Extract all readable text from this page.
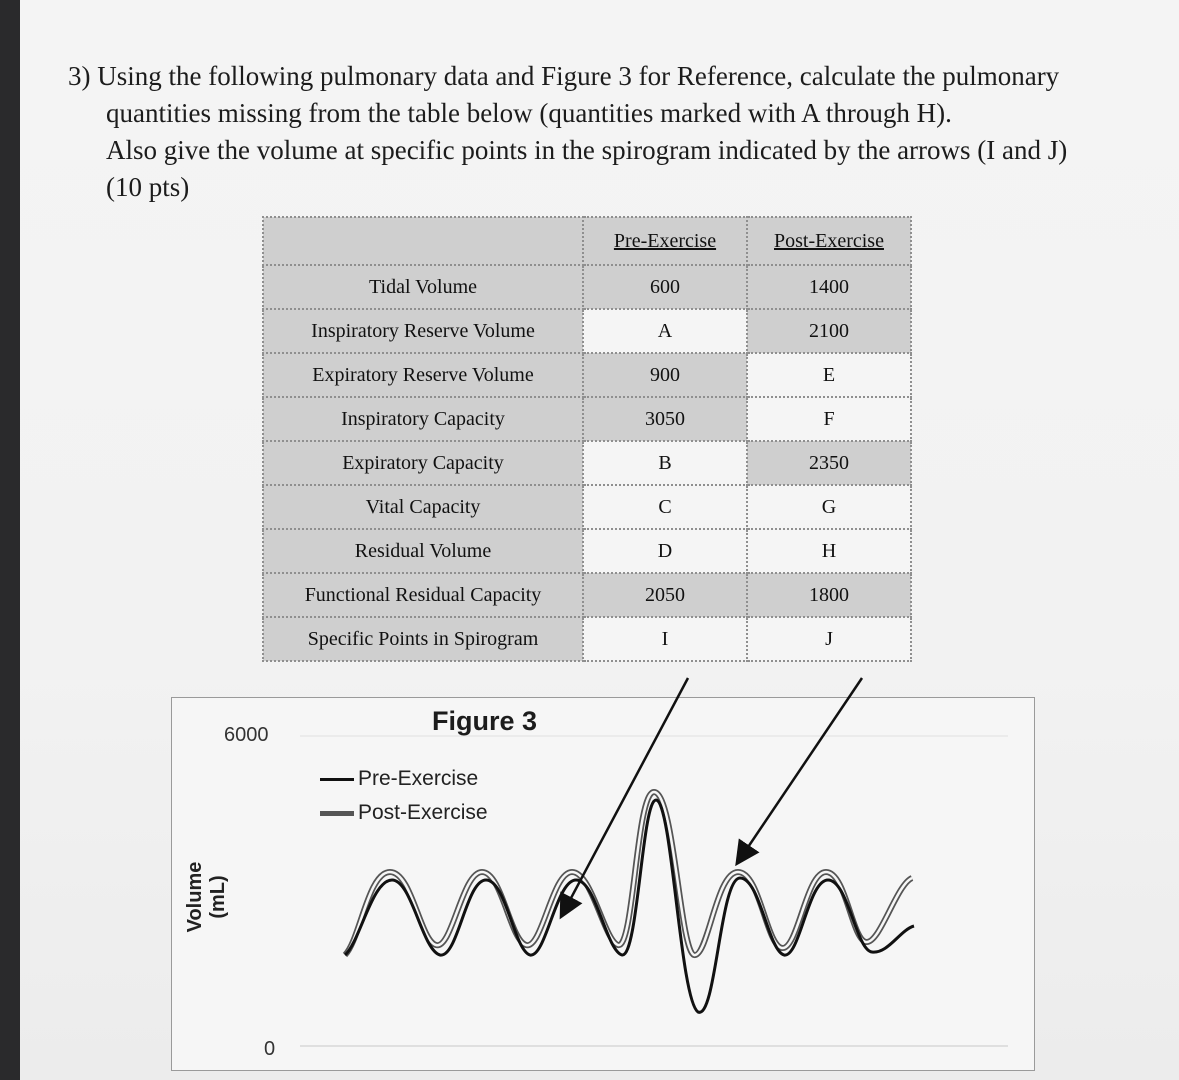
3) Using the following pulmonary data and Figure 3 for Reference, calculate the pulmonary
quantities missing from the table below (quantities marked with A through H).
Also give the volume at specific points in the spirogram indicated by the arrows (I and J)
(10 pts)
	Pre-Exercise	Post-Exercise
Tidal Volume	600	1400
Inspiratory Reserve Volume	A	2100
Expiratory Reserve Volume	900	E
Inspiratory Capacity	3050	F
Expiratory Capacity	B	2350
Vital Capacity	C	G
Residual Volume	D	H
Functional Residual Capacity	2050	1800
Specific Points in Spirogram	I	J
Figure 3
6000
0
Volume (mL)
Pre-Exercise
Post-Exercise
